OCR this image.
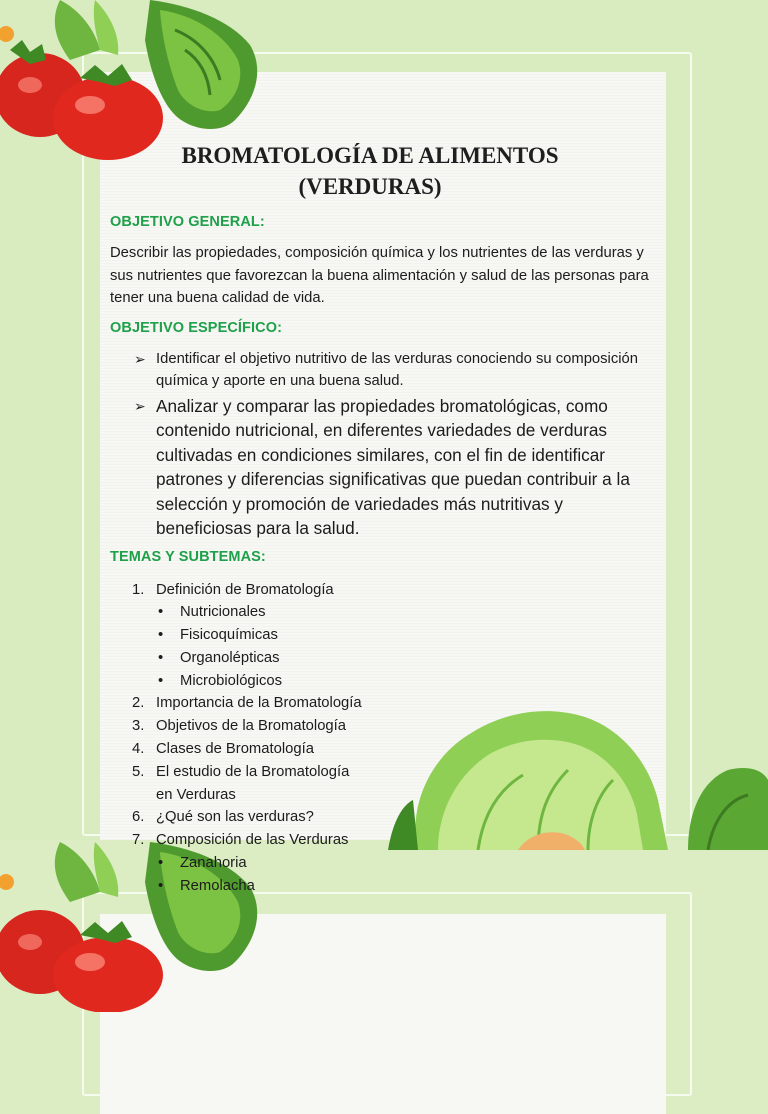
BROMATOLOGÍA DE ALIMENTOS
(VERDURAS)
OBJETIVO GENERAL:

Describir las propiedades, composición química y los nutrientes de las verduras y sus nutrientes que favorezcan la buena alimentación y salud de las personas para tener una buena calidad de vida.

OBJETIVO ESPECÍFICO:
➢ Identificar el objetivo nutritivo de las verduras conociendo su composición química y aporte en una buena salud.
➢ Analizar y comparar las propiedades bromatológicas, como contenido nutricional, en diferentes variedades de verduras cultivadas en condiciones similares, con el fin de identificar patrones y diferencias significativas que puedan contribuir a la selección y promoción de variedades más nutritivas y beneficiosas para la salud.
TEMAS Y SUBTEMAS:
1. Definición de Bromatología
• Nutricionales
• Fisicoquímicas
• Organolépticas
• Microbiológicos
2. Importancia de la Bromatología
3. Objetivos de la Bromatología
4. Clases de Bromatología
5. El estudio de la Bromatología
en Verduras
6. ¿Qué son las verduras?
7. Composición de las Verduras
• Zanahoria
• Remolacha
